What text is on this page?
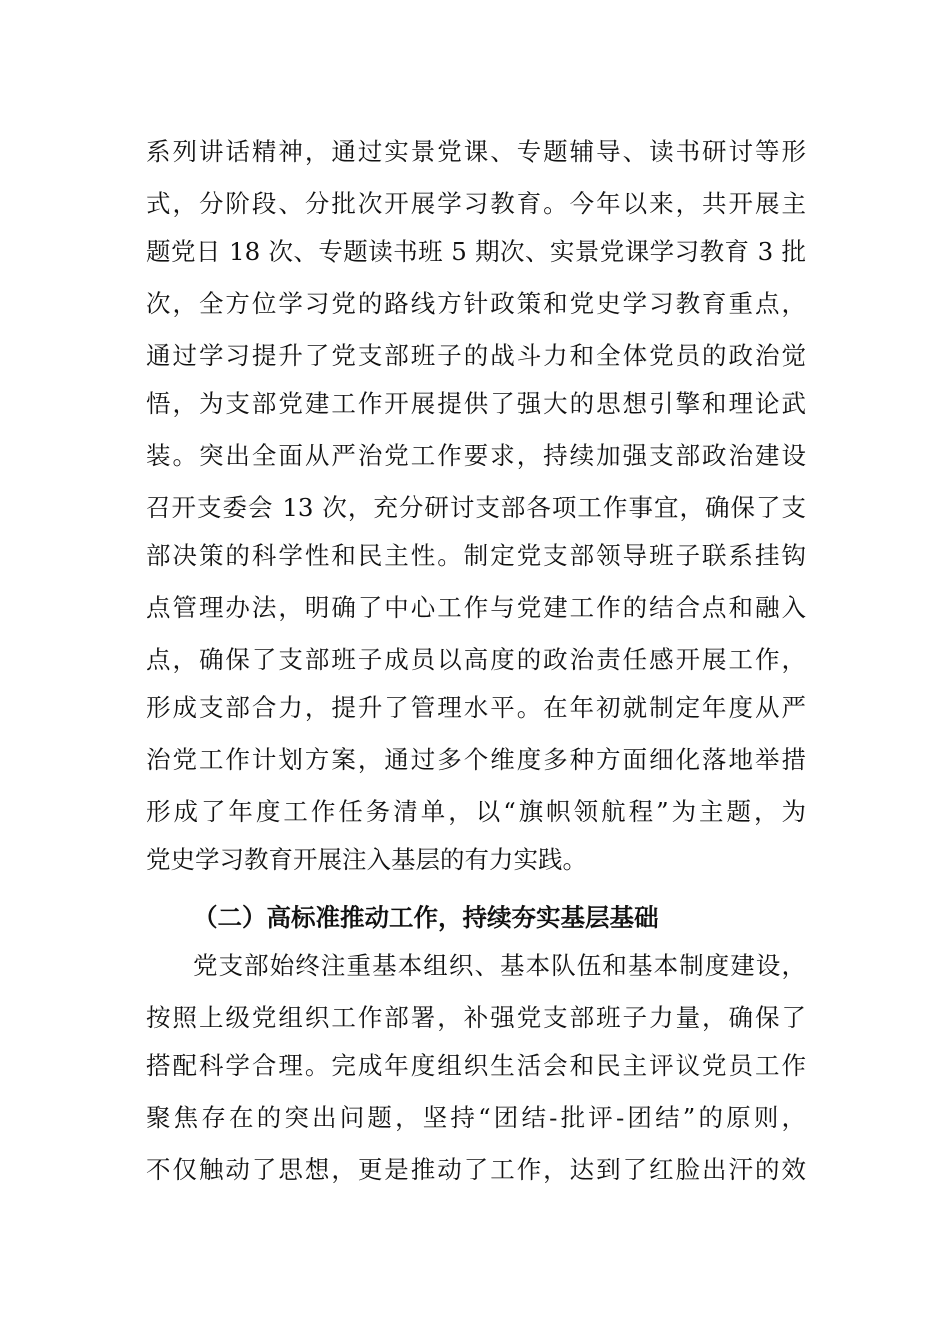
系列讲话精神，通过实景党课、专题辅导、读书研讨等形
式，分阶段、分批次开展学习教育。今年以来，共开展主
题党日 18 次、专题读书班 5 期次、实景党课学习教育 3 批
次，全方位学习党的路线方针政策和党史学习教育重点，
通过学习提升了党支部班子的战斗力和全体党员的政治觉
悟，为支部党建工作开展提供了强大的思想引擎和理论武
装。突出全面从严治党工作要求，持续加强支部政治建设
召开支委会 13 次，充分研讨支部各项工作事宜，确保了支
部决策的科学性和民主性。制定党支部领导班子联系挂钩
点管理办法，明确了中心工作与党建工作的结合点和融入
点，确保了支部班子成员以高度的政治责任感开展工作，
形成支部合力，提升了管理水平。在年初就制定年度从严
治党工作计划方案，通过多个维度多种方面细化落地举措
形成了年度工作任务清单，以“旗帜领航程”为主题，为
党史学习教育开展注入基层的有力实践。
（二）高标准推动工作，持续夯实基层基础
党支部始终注重基本组织、基本队伍和基本制度建设，
按照上级党组织工作部署，补强党支部班子力量，确保了
搭配科学合理。完成年度组织生活会和民主评议党员工作
聚焦存在的突出问题，坚持“团结-批评-团结”的原则，
不仅触动了思想，更是推动了工作，达到了红脸出汗的效
